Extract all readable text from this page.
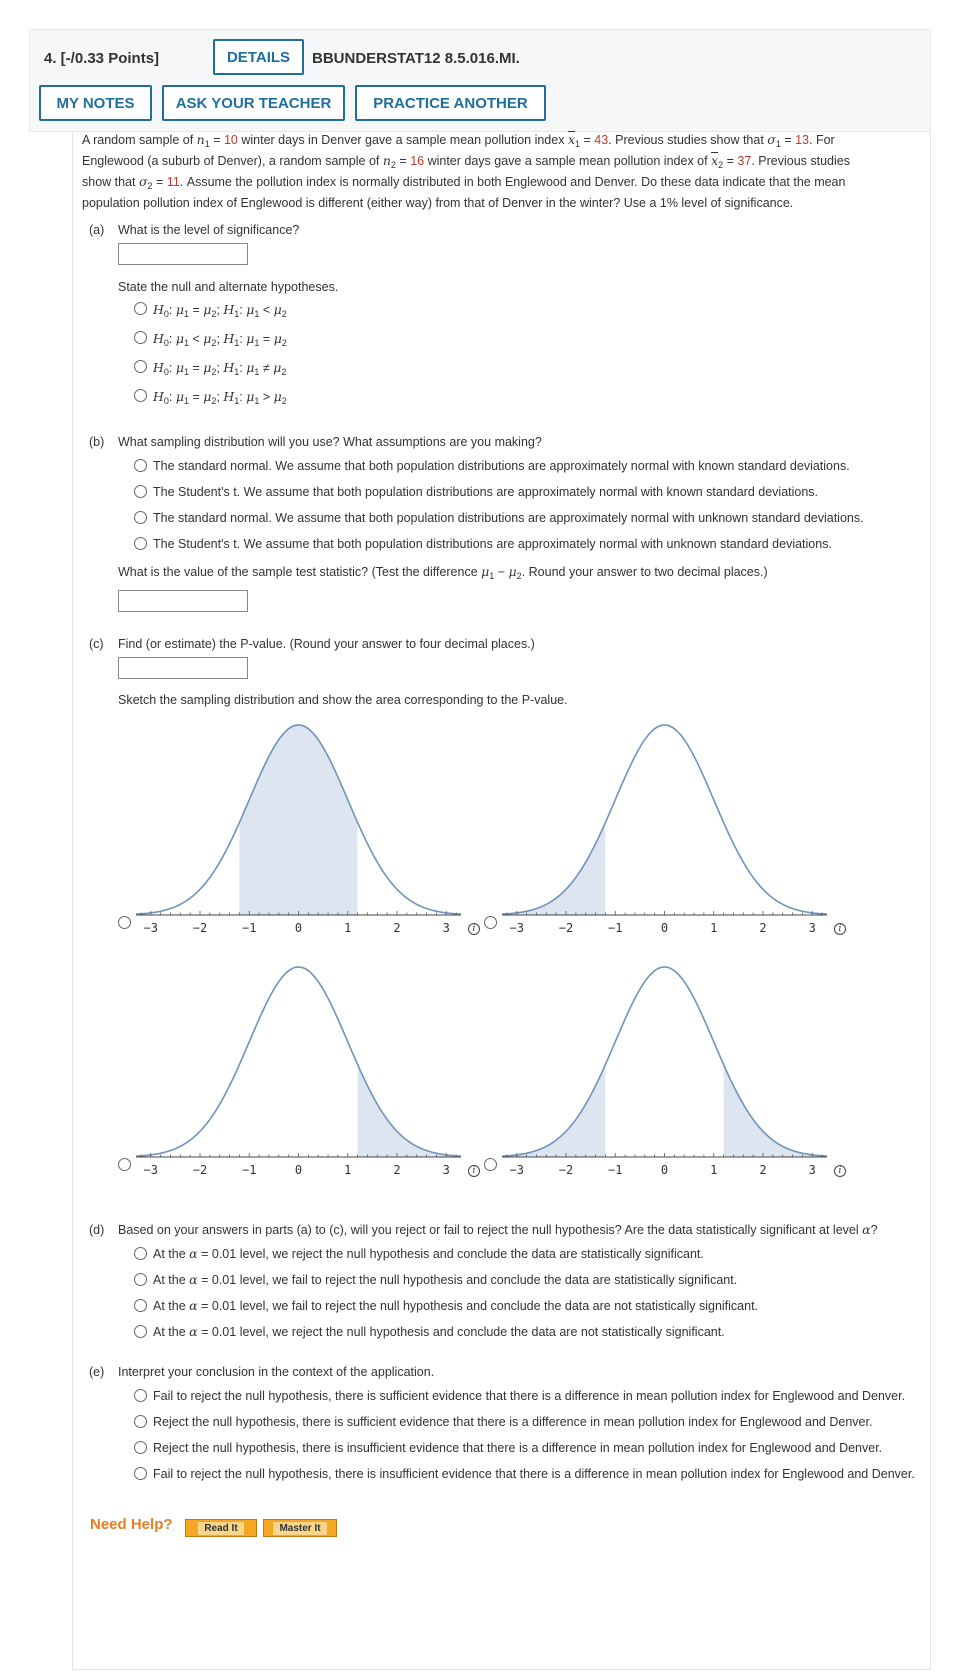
4. [-/0.33 Points]	DETAILS	BBUNDERSTAT12 8.5.016.MI.
MY NOTES	ASK YOUR TEACHER	PRACTICE ANOTHER
A random sample of $n_1 = 10$ winter days in Denver gave a sample mean pollution index $\overline{x}_1 = 43$. Previous studies show that $\sigma_1 = 13$. For
Englewood (a suburb of Denver), a random sample of $n_2 = 16$ winter days gave a sample mean pollution index of $\overline{x}_2 = 37$. Previous studies
show that $\sigma_2 = 11$. Assume the pollution index is normally distributed in both Englewood and Denver. Do these data indicate that the mean
population pollution index of Englewood is different (either way) from that of Denver in the winter? Use a 1% level of significance.
(a) What is the level of significance?
State the null and alternate hypotheses.
$H_0$: $\mu_1 = \mu_2$; $H_1$: $\mu_1 < \mu_2$
$H_0$: $\mu_1 < \mu_2$; $H_1$: $\mu_1 = \mu_2$
$H_0$: $\mu_1 = \mu_2$; $H_1$: $\mu_1 \ne \mu_2$
$H_0$: $\mu_1 = \mu_2$; $H_1$: $\mu_1 > \mu_2$
(b) What sampling distribution will you use? What assumptions are you making?
The standard normal. We assume that both population distributions are approximately normal with known standard deviations.
The Student's t. We assume that both population distributions are approximately normal with known standard deviations.
The standard normal. We assume that both population distributions are approximately normal with unknown standard deviations.
The Student's t. We assume that both population distributions are approximately normal with unknown standard deviations.
What is the value of the sample test statistic? (Test the difference $\mu_1 - \mu_2$. Round your answer to two decimal places.)
(c) Find (or estimate) the P-value. (Round your answer to four decimal places.)
Sketch the sampling distribution and show the area corresponding to the P-value.
−3	−2	−1	0	1	2	3	i	−3	−2	−1	0	1	2	3	i
−3	−2	−1	0	1	2	3	i	−3	−2	−1	0	1	2	3	i
(d) Based on your answers in parts (a) to (c), will you reject or fail to reject the null hypothesis? Are the data statistically significant at level α?
At the α = 0.01 level, we reject the null hypothesis and conclude the data are statistically significant.
At the α = 0.01 level, we fail to reject the null hypothesis and conclude the data are statistically significant.
At the α = 0.01 level, we fail to reject the null hypothesis and conclude the data are not statistically significant.
At the α = 0.01 level, we reject the null hypothesis and conclude the data are not statistically significant.
(e) Interpret your conclusion in the context of the application.
Fail to reject the null hypothesis, there is sufficient evidence that there is a difference in mean pollution index for Englewood and Denver.
Reject the null hypothesis, there is sufficient evidence that there is a difference in mean pollution index for Englewood and Denver.
Reject the null hypothesis, there is insufficient evidence that there is a difference in mean pollution index for Englewood and Denver.
Fail to reject the null hypothesis, there is insufficient evidence that there is a difference in mean pollution index for Englewood and Denver.
Need Help?	Read It	Master It
